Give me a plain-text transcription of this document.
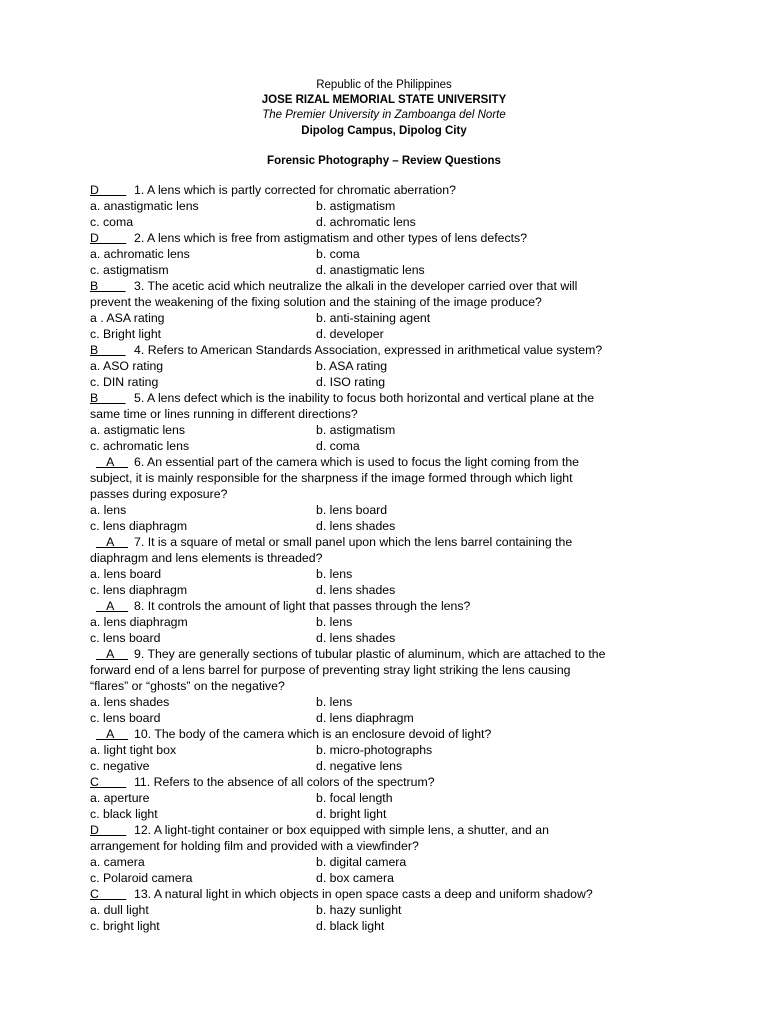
Republic of the Philippines
JOSE RIZAL MEMORIAL STATE UNIVERSITY
The Premier University in Zamboanga del Norte
Dipolog Campus, Dipolog City
Forensic Photography – Review Questions
D        1. A lens which is partly corrected for chromatic aberration?
a. anastigmatic lens	b. astigmatism
c. coma	d. achromatic lens
D        2. A lens which is free from astigmatism and other types of lens defects?
a. achromatic lens	b. coma
c. astigmatism	d. anastigmatic lens
B        3. The acetic acid which neutralize the alkali in the developer carried over that will
prevent the weakening of the fixing solution and the staining of the image produce?
a . ASA rating	b. anti-staining agent
c. Bright light	d. developer
B        4. Refers to American Standards Association, expressed in arithmetical value system?
a. ASO rating	b. ASA rating
c. DIN rating	d. ISO rating
B        5. A lens defect which is the inability to focus both horizontal and vertical plane at the
same time or lines running in different directions?
a. astigmatic lens	b. astigmatism
c. achromatic lens	d. coma
A    6. An essential part of the camera which is used to focus the light coming from the
subject, it is mainly responsible for the sharpness if the image formed through which light
passes during exposure?
a. lens	b. lens board
c. lens diaphragm	d. lens shades
A    7. It is a square of metal or small panel upon which the lens barrel containing the
diaphragm and lens elements is threaded?
a. lens board	b. lens
c. lens diaphragm	d. lens shades
A    8. It controls the amount of light that passes through the lens?
a. lens diaphragm	b. lens
c. lens board	d. lens shades
A    9. They are generally sections of tubular plastic of aluminum, which are attached to the
forward end of a lens barrel for purpose of preventing stray light striking the lens causing
“flares” or “ghosts” on the negative?
a. lens shades	b. lens
c. lens board	d. lens diaphragm
A    10. The body of the camera which is an enclosure devoid of light?
a. light tight box	b. micro-photographs
c. negative	d. negative lens
C        11. Refers to the absence of all colors of the spectrum?
a. aperture	b. focal length
c. black light	d. bright light
D        12. A light-tight container or box equipped with simple lens, a shutter, and an
arrangement for holding film and provided with a viewfinder?
a. camera	b. digital camera
c. Polaroid camera	d. box camera
C        13. A natural light in which objects in open space casts a deep and uniform shadow?
a. dull light	b. hazy sunlight
c. bright light	d. black light
